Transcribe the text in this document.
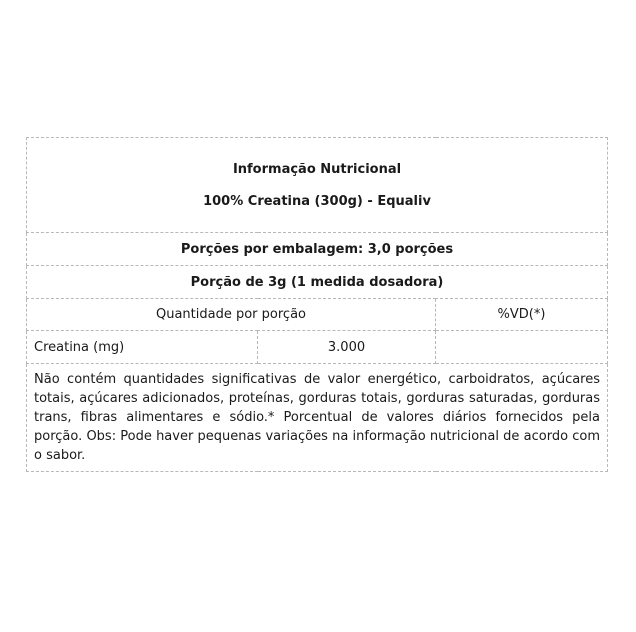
Informação Nutricional
100% Creatina (300g) - Equaliv		

Porções por embalagem: 3,0 porções		
Porção de 3g (1 medida dosadora)		
Quantidade por porção		%VD(*)
Creatina (mg)	3.000	
Não contém quantidades significativas de valor energético, carboidratos, açúcares totais, açúcares adicionados, proteínas, gorduras totais, gorduras saturadas, gorduras trans, fibras alimentares e sódio.* Porcentual de valores diários fornecidos pela porção. Obs: Pode haver pequenas variações na informação nutricional de acordo com o sabor.		
